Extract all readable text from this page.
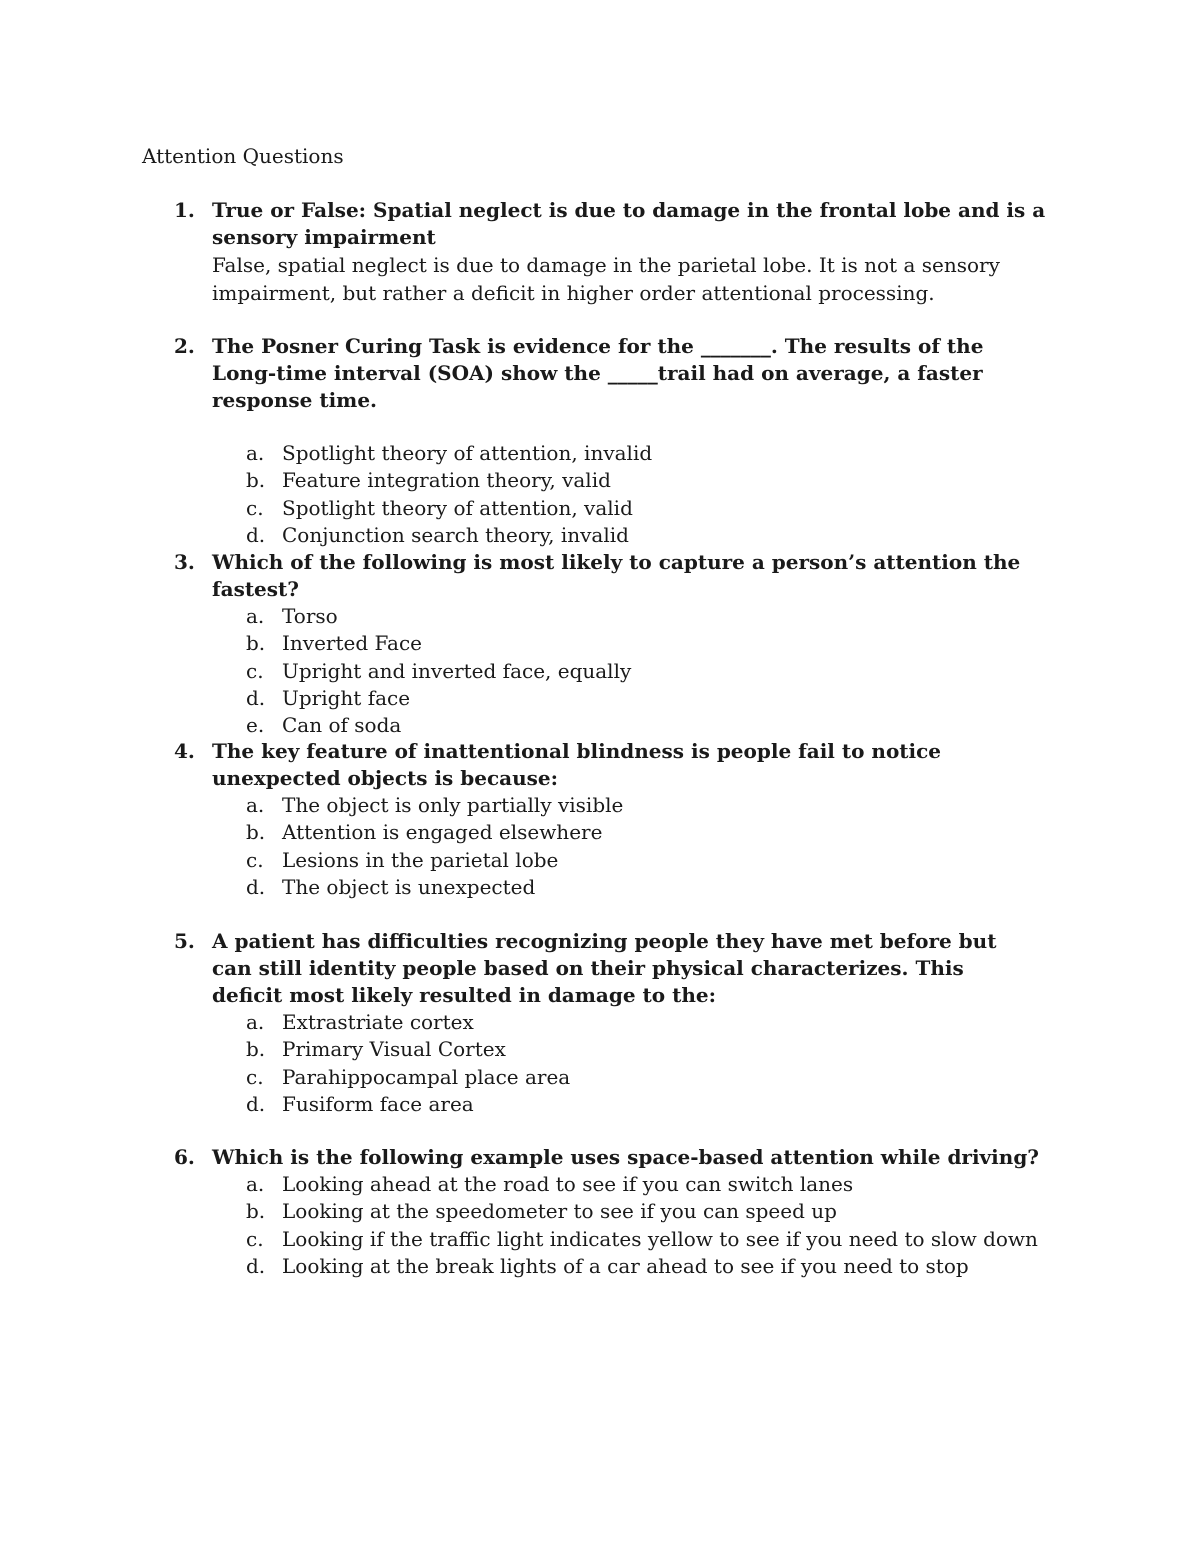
Attention Questions
1. True or False: Spatial neglect is due to damage in the frontal lobe and is a sensory impairment

False, spatial neglect is due to damage in the parietal lobe. It is not a sensory impairment, but rather a deficit in higher order attentional processing.

2. The Posner Curing Task is evidence for the _______. The results of the Long-time interval (SOA) show the _____trail had on average, a faster response time.

a. Spotlight theory of attention, invalid
b. Feature integration theory, valid
c. Spotlight theory of attention, valid
d. Conjunction search theory, invalid
3. Which of the following is most likely to capture a person’s attention the fastest?

a. Torso
b. Inverted Face
c. Upright and inverted face, equally
d. Upright face
e. Can of soda
4. The key feature of inattentional blindness is people fail to notice unexpected objects is because:

a. The object is only partially visible
b. Attention is engaged elsewhere
c. Lesions in the parietal lobe
d. The object is unexpected
5. A patient has difficulties recognizing people they have met before but can still identity people based on their physical characterizes. This deficit most likely resulted in damage to the:

a. Extrastriate cortex
b. Primary Visual Cortex
c. Parahippocampal place area
d. Fusiform face area
6. Which is the following example uses space-based attention while driving?

a. Looking ahead at the road to see if you can switch lanes
b. Looking at the speedometer to see if you can speed up
c. Looking if the traffic light indicates yellow to see if you need to slow down
d. Looking at the break lights of a car ahead to see if you need to stop
